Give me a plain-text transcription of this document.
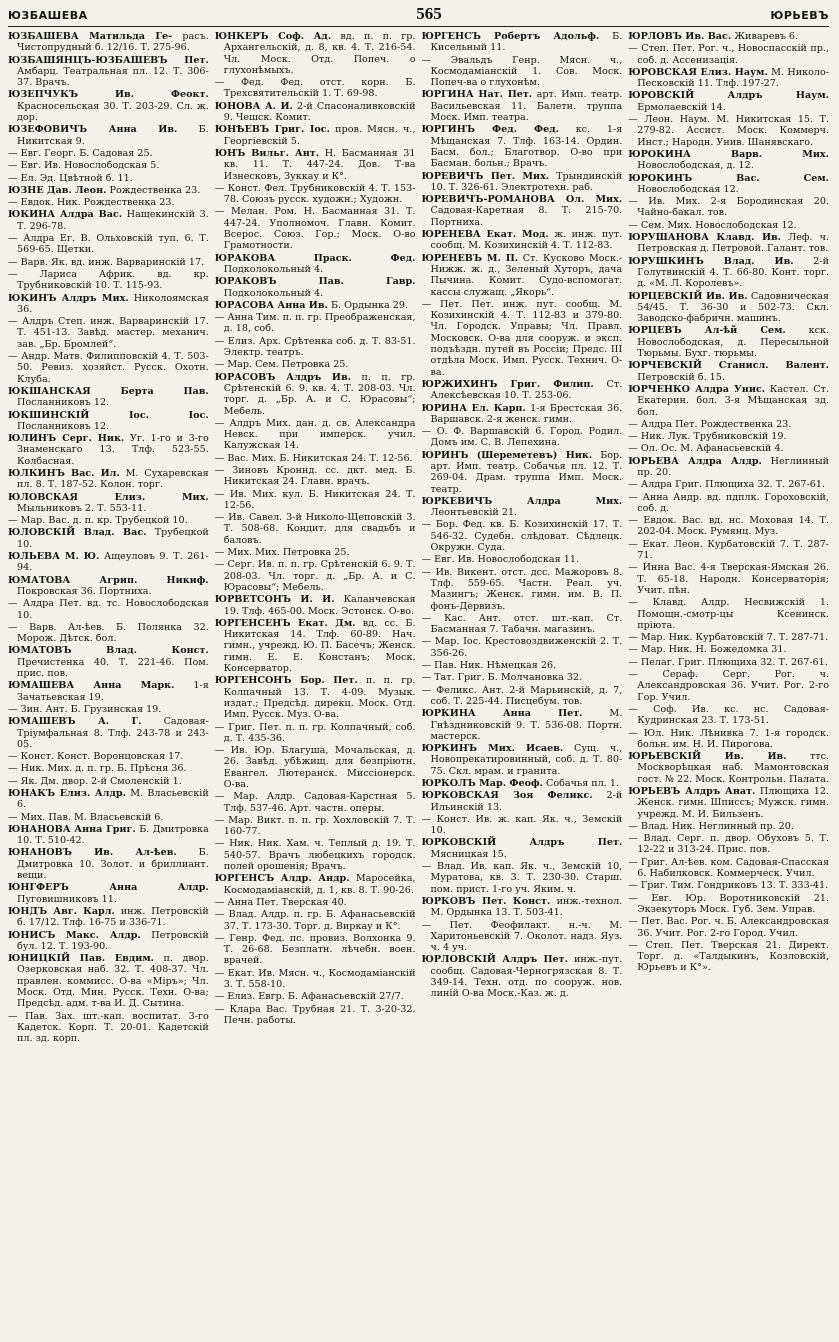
ЮЗБАШЕВА	565	ЮРЬЕВЪ
ЮЗБАШЕВА Матильда Ге- расъ. Чистопрудный б. 12/16. Т. 275-96.
ЮЗБАШЯНЦЪ-ЮЗБАШЕВЪ Пет. Амбарц. Театральная пл. 12. Т. 306-37. Врачъ.
ЮЗЕПЧУКЪ Ив. Феокт. Красносельская 30. Т. 203-29. Сл. ж. дор.
ЮЗЕФОВИЧЪ Анна Ив. Б. Никитская 9.
— Евг. Георг. Б. Садовая 25.
— Евг. Ив. Новослободская 5.
— Ел. Эд. Цвѣтной б. 11.
ЮЗНЕ Дав. Леон. Рождественка 23.
— Евдок. Ник. Рождественка 23.
ЮКИНА Алдра Вас. Нащекинскій 3. Т. 296-78.
— Алдра Ег. В. Ольховскій туп. 6. Т. 569-65. Щетки.
— Варв. Як. вд. инж. Варваринскій 17.
— Лариса Африк. вд. кр. Трубниковскій 10. Т. 115-93.
ЮКИНЪ Алдръ Мих. Николоямская 36.
— Алдръ Степ. инж. Варваринскій 17. Т. 451-13. Завѣд. мастер. механич. зав. „Бр. Бромлей“.
— Андр. Матв. Филипповскій 4. Т. 503-50. Ревиз. хозяйст. Русск. Охотн. Клуба.
ЮКШАНСКАЯ Берта Пав. Посланниковъ 12.
ЮКШИНСКІЙ Іос. Іос. Посланниковъ 12.
ЮЛИНЪ Серг. Ник. Уг. 1-го и 3-го Знаменскаго 13. Тлф. 523-55. Колбасная.
ЮЛКИНЪ Вас. Ил. М. Сухаревская пл. 8. Т. 187-52. Колон. торг.
ЮЛОВСКАЯ Елиз. Мих. Мыльниковъ 2. Т. 553-11.
— Мар. Вас. д. п. кр. Трубецкой 10.
ЮЛОВСКІЙ Влад. Вас. Трубецкой 10.
ЮЛЬЕВА М. Ю. Ащеуловъ 9. Т. 261-94.
ЮМАТОВА Агрип. Никиф. Покровская 36. Портниха.
— Алдра Пет. вд. тс. Новослободская 10.
— Варв. Ал-ѣев. Б. Полянка 32. Морож. Дѣтск. бол.
ЮМАТОВЪ Влад. Конст. Пречистенка 40. Т. 221-46. Пом. прис. пов.
ЮМАШЕВА Анна Марк. 1-я Зачатьевская 19.
— Зин. Ант. Б. Грузинская 19.
ЮМАШЕВЪ А. Г. Садовая-Тріумфальная 8. Тлф. 243-78 и 243-05.
— Конст. Конст. Воронцовская 17.
— Ник. Мих. д. п. гр. Б. Прѣсня 36.
— Як. Дм. двор. 2-й Смоленскій 1.
ЮНАКЪ Елиз. Алдр. М. Власьевскій 6.
— Мих. Пав. М. Власьевскій 6.
ЮНАНОВА Анна Григ. Б. Дмитровка 10. Т. 510-42.
ЮНАНОВЪ Ив. Ал-ѣев. Б. Дмитровка 10. Золот. и бриллиант. вещи.
ЮНГФЕРЪ Анна Алдр. Пуговишниковъ 11.
ЮНДЪ Авг. Карл. инж. Петровскій б. 17/12. Тлф. 16-75 и 336-71.
ЮНИСЪ Макс. Алдр. Петровскій бул. 12. Т. 193-90.
ЮНИЦКІЙ Пав. Евдим. п. двор. Озерковская наб. 32. Т. 408-37. Чл. правлен. коммисс. О-ва «Міръ»; Чл. Моск. Отд. Мин. Русск. Техн. О-ва; Предсѣд. адм. т-ва И. Д. Сытина.
— Пав. Зах. шт.-кап. воспитат. 3-го Кадетск. Корп. Т. 20-01. Кадетскій пл. зд. корп.
ЮНКЕРЪ Соф. Ад. вд. п. п. гр. Архангельскій, д. 8, кв. 4. Т. 216-54. Чл. Моск. Отд. Попеч. о глухонѣмыхъ.
— Фед. Фед. отст. корн. Б. Трехсвятительскій 1. Т. 69-98.
ЮНОВА А. И. 2-й Спасоналивковскій 9. Чешск. Комит.
ЮНѢЕВЪ Григ. Іос. пров. Мясн. ч., Георгіевскій 5.
ЮНЪ Вильг. Ант. Н. Басманная 31 кв. 11. Т. 447-24. Дов. Т-ва Изнесковъ, Зуккау и К°.
— Конст. Фел. Трубниковскій 4. Т. 153-78. Союзъ русск. художн.; Художн.
— Мелан. Ром. Н. Басманная 31. Т. 447-24. Уполномоч. Главн. Комит. Всерос. Союз. Гор.; Моск. О-во Грамотности.
ЮРАКОВА Праск. Фед. Подколокольный 4.
ЮРАКОВЪ Пав. Гавр. Подколокольный 4.
ЮРАСОВА Анна Ив. Б. Ордынка 29.
— Анна Тим. п. п. гр. Преображенская, д. 18, соб.
— Елиз. Арх. Срѣтенка соб. д. Т. 83-51. Электр. театръ.
— Мар. Сем. Петровка 25.
ЮРАСОВЪ Алдръ Ив. п. п. гр. Срѣтенскій 6. 9. кв. 4. Т. 208-03. Чл. торг. д. „Бр. А. и С. Юрасовы“; Мебель.
— Алдръ Мих. дан. д. св. Александра Невск. при имперск. учил. Калужская 14.
— Вас. Мих. Б. Никитская 24. Т. 12-56.
— Зиновъ Кроннд. сс. дкт. мед. Б. Никитская 24. Главн. врачъ.
— Ив. Мих. кул. Б. Никитская 24. Т. 12-56.
— Ив. Савел. 3-й Николо-Щеповскій 3. Т. 508-68. Кондит. для свадьбъ и баловъ.
— Мих. Мих. Петровка 25.
— Серг. Ив. п. п. гр. Срѣтенскій 6. 9. Т. 208-03. Чл. торг. д. „Бр. А. и С. Юрасовы“; Мебель.
ЮРВЕТСОНЪ И. И. Каланчевская 19. Тлф. 465-00. Моск. Эстонск. О-во.
ЮРГЕНСЕНЪ Екат. Дм. вд. сс. Б. Никитская 14. Тлф. 60-89. Нач. гимн., учрежд. Ю. П. Басечъ; Женск. гимн. Е. Е. Констанъ; Моск. Консерватор.
ЮРГЕНСОНЪ Бор. Пет. п. п. гр. Колпачный 13. Т. 4-09. Музык. издат.; Предсѣд. дирекц. Моск. Отд. Имп. Русск. Муз. О-ва.
— Григ. Пет. п. п. гр. Колпачный, соб. д. Т. 435-36.
— Ив. Юр. Благуша, Мочальская, д. 26. Завѣд. убѣжищ. для безпріютн. Евангел. Лютеранск. Миссіонерск. О-ва.
— Мар. Алдр. Садовая-Карстная 5. Тлф. 537-46. Арт. частн. оперы.
— Мар. Викт. п. п. гр. Хохловскій 7. Т. 160-77.
— Ник. Ник. Хам. ч. Теплый д. 19. Т. 540-57. Врачъ любецкихъ городск. полей орошенія; Врачъ.
ЮРГЕНСЪ Алдр. Андр. Маросейка, Космодаміанскій, д. 1, кв. 8. Т. 90-26.
— Анна Пет. Тверская 40.
— Влад. Алдр. п. гр. Б. Афанасьевскій 37. Т. 173-30. Торг. д. Виркау и К°.
— Генр. Фед. пс. провиз. Волхонка 9. Т. 26-68. Безплатн. лѣчебн. воен. врачей.
— Екат. Ив. Мясн. ч., Космодаміанскій 3. Т. 558-10.
— Елиз. Евгр. Б. Афанасьевскій 27/7.
— Клара Вас. Трубная 21. Т. 3-20-32. Печн. работы.
ЮРГЕНСЪ Робертъ Адольф. Б. Кисельный 11.
— Эвальдъ Генр. Мясн. ч., Космодаміанскій 1. Сов. Моск. Попеч-ва о глухонѣм.
ЮРГИНА Нат. Пет. арт. Имп. театр. Васильевская 11. Балетн. труппа Моск. Имп. театра.
ЮРГИНЪ Фед. Фед. кс. 1-я Мѣщанская 7. Тлф. 163-14. Ордин. Басм. бол.; Благотвор. О-во при Басман. больн.; Врачъ.
ЮРЕВИЧЪ Пет. Мих. Трындинскій 10. Т. 326-61. Электротехн. раб.
ЮРЕВИЧЪ-РОМАНОВА Ол. Мих. Садовая-Каретная 8. Т. 215-70. Портниха.
ЮРЕНЕВА Екат. Мод. ж. инж. пут. сообщ. М. Козихинскій 4. Т. 112-83.
ЮРЕНЕВЪ М. П. Ст. Кусково Моск.-Нижж. ж. д., Зеленый Хуторъ, дача Пычина. Комит. Судо-вспомогат. кассы служащ. „Якорь“.
— Пет. Пет. инж. пут. сообщ. М. Козихинскій 4. Т. 112-83 и 379-80. Чл. Городск. Управы; Чл. Правл. Московск. О-ва для сооруж. и эксп. подъѣздн. путей въ Россіи; Предс. III отдѣла Моск. Имп. Русск. Технич. О-ва.
ЮРЖИХИНЪ Григ. Филип. Ст. Алексѣевская 10. Т. 253-06.
ЮРИНА Ел. Карп. 1-я Брестская 36. Варшавск. 2-я женск. гимн.
— О. Ф. Варшавскій 6. Город. Родил. Домъ им. С. В. Лепехина.
ЮРИНЪ (Шереметевъ) Ник. Бор. арт. Имп. театр. Собачья пл. 12. Т. 269-04. Драм. труппа Имп. Моск. театр.
ЮРКЕВИЧЪ Алдра Мих. Леонтьевскій 21.
— Бор. Фед. кв. Б. Козихинскій 17. Т. 546-32. Судебн. слѣдоват. Сѣдлецк. Окружн. Суда.
— Евг. Ив. Новослободская 11.
— Ив. Викент. отст. дсс. Мажоровъ 8. Тлф. 559-65. Частн. Реал. уч. Мазингъ; Женск. гимн. им. В. П. фонъ-Дервизъ.
— Кас. Ант. отст. шт.-кап. Ст. Басманная 7. Табачн. магазинъ.
— Мар. Іос. Крестовоздвиженскій 2. Т. 356-26.
— Пав. Ник. Нѣмецкая 26.
— Тат. Григ. Б. Молчановка 32.
— Феликс. Ант. 2-й Марьинскій, д. 7, соб. Т. 225-44. Писцебум. тов.
ЮРКИНА Анна Пет.	М. Гнѣздниковскій 9. Т. 536-08. Портн. мастерск.
ЮРКИНЪ Мих. Исаев. Сущ. ч., Новопрекатировинный, соб. д. Т. 80-75. Скл. мрам. и гранита.
ЮРКОЛЪ Мар. Феоф. Собачья пл. 1.
ЮРКОВСКАЯ Зоя Феликс. 2-й Ильинскій 13.
— Конст. Ив. ж. кап. Як. ч., Земскій 10.
ЮРКОВСКІЙ Алдръ Пет. Мясницкая 15.
— Влад. Ив. кап. Як. ч., Земскій 10, Муратова, кв. 3. Т. 230-30. Старш. пом. прист. 1-го уч. Яким. ч.
ЮРКОВЪ Пет. Конст. инж.-технол. М. Ордынка 13. Т. 503-41.
— Пет. Феофилакт. н.-ч. М. Харитоньевскій 7. Околот. надз. Яуз. ч. 4 уч.
ЮРЛОВСКІЙ Алдръ Пет. инж.-пут. сообщ. Садовая-Черногрязская 8. Т. 349-14. Техн. отд. по сооруж. нов. линій О-ва Моск.-Каз. ж. д.
ЮРЛОВЪ Ив. Вас. Живаревъ 6.
— Степ. Пет. Рог. ч., Новоспасскій пр., соб. д. Ассенизація.
ЮРОВСКАЯ Елиз. Наум. М. Николо-Песковскій 11. Тлф. 197-27.
ЮРОВСКІЙ Алдръ Наум. Ермолаевскій 14.
— Леон. Наум. М. Никитская 15. Т. 279-82. Ассист. Моск. Коммерч. Инст.; Народн. Унив. Шанявскаго.
ЮРОКИНА Варв. Мих. Новослободская, д. 12.
ЮРОКИНЪ Вас. Сем. Новослободская 12.
— Ив. Мих. 2-я Бородинская 20. Чайно-бакал. тов.
— Сем. Мих. Новослободская 12.
ЮРУШАНОВА Клавд. Ив. Леф. ч. Петровская д. Петровой. Галант. тов.
ЮРУШКИНЪ Влад. Ив. 2-й Голутвинскій 4. Т. 66-80. Конт. торг. д. «М. Л. Королевъ».
ЮРЦЕВСКІЙ Ив. Ив. Садовническая 54/45. Т. 36-30 и 502-73. Скл. Заводско-фабричн. машинъ.
ЮРЦЕВЪ Ал-ѣй Сем. кск. Новослободская, д. Пересыльной Тюрьмы. Бухг. тюрьмы.
ЮРЧЕВСКІЙ Станисл. Валент. Петровскій б. 15.
ЮРЧЕНКО Алдра Унис. Кастел. Ст. Екатерин. бол. 3-я Мѣщанская зд. бол.
— Алдра Пет. Рождественка 23.
— Ник. Лук. Трубниковскій 19.
— Ол. Ос. М. Афанасьевскій 4.
ЮРЬЕВА Алдра Алдр. Неглинный пр. 20.
— Алдра Григ. Плющиха 32. Т. 267-61.
— Анна Андр. вд. пдплк. Гороховскій, соб. д.
— Евдок. Вас. вд. нс. Моховая 14. Т. 202-04. Моск. Румянц. Муз.
— Екат. Леон. Курбатовскій 7. Т. 287-71.
— Инна Вас. 4-я Тверская-Ямская 26. Т. 65-18. Народн. Консерваторія; Учит. пѣн.
— Клавд. Алдр. Несвижскій 1. Помощн.-смотр-цы Ксенинск. пріюта.
— Мар. Ник. Курбатовскій 7. Т. 287-71.
— Мар. Ник. Н. Божедомка 31.
— Пелаг. Григ. Плющиха 32. Т. 267-61.
— Сераф. Серг. Рог. ч. Александровская 36. Учит. Рог. 2-го Гор. Учил.
— Соф. Ив. кс. нс. Садовая-Кудринская 23. Т. 173-51.
— Юл. Ник. Лѣнивка 7. 1-я городск. больн. им. Н. И. Пирогова.
ЮРЬЕВСКІЙ Ив. Ив. ттс. Москворѣцкая наб. Мамонтовская гост. № 22. Моск. Контрольн. Палата.
ЮРЬЕВЪ Алдръ Анат. Плющиха 12. Женск. гимн. Шписсъ; Мужск. гимн. учрежд. М. И. Бильзенъ.
— Влад. Ник. Неглинный пр. 20.
— Влад. Серг. п. двор. Обуховъ 5. Т. 12-22 и 313-24. Прис. пов.
— Григ. Ал-ѣев. ком. Садовая-Спасская 6. Набилковск. Коммерческ. Учил.
— Григ. Тим. Гондриковъ 13. Т. 333-41.
— Евг. Юр. Воротниковскій 21. Экзекуторъ Моск. Губ. Зем. Управ.
— Пет. Вас. Рог. ч. Б. Александровская 36. Учит. Рог. 2-го Город. Учил.
— Степ. Пет. Тверская 21. Директ. Торг. д. «Талдыкинъ, Козловскій, Юрьевъ и К°».
